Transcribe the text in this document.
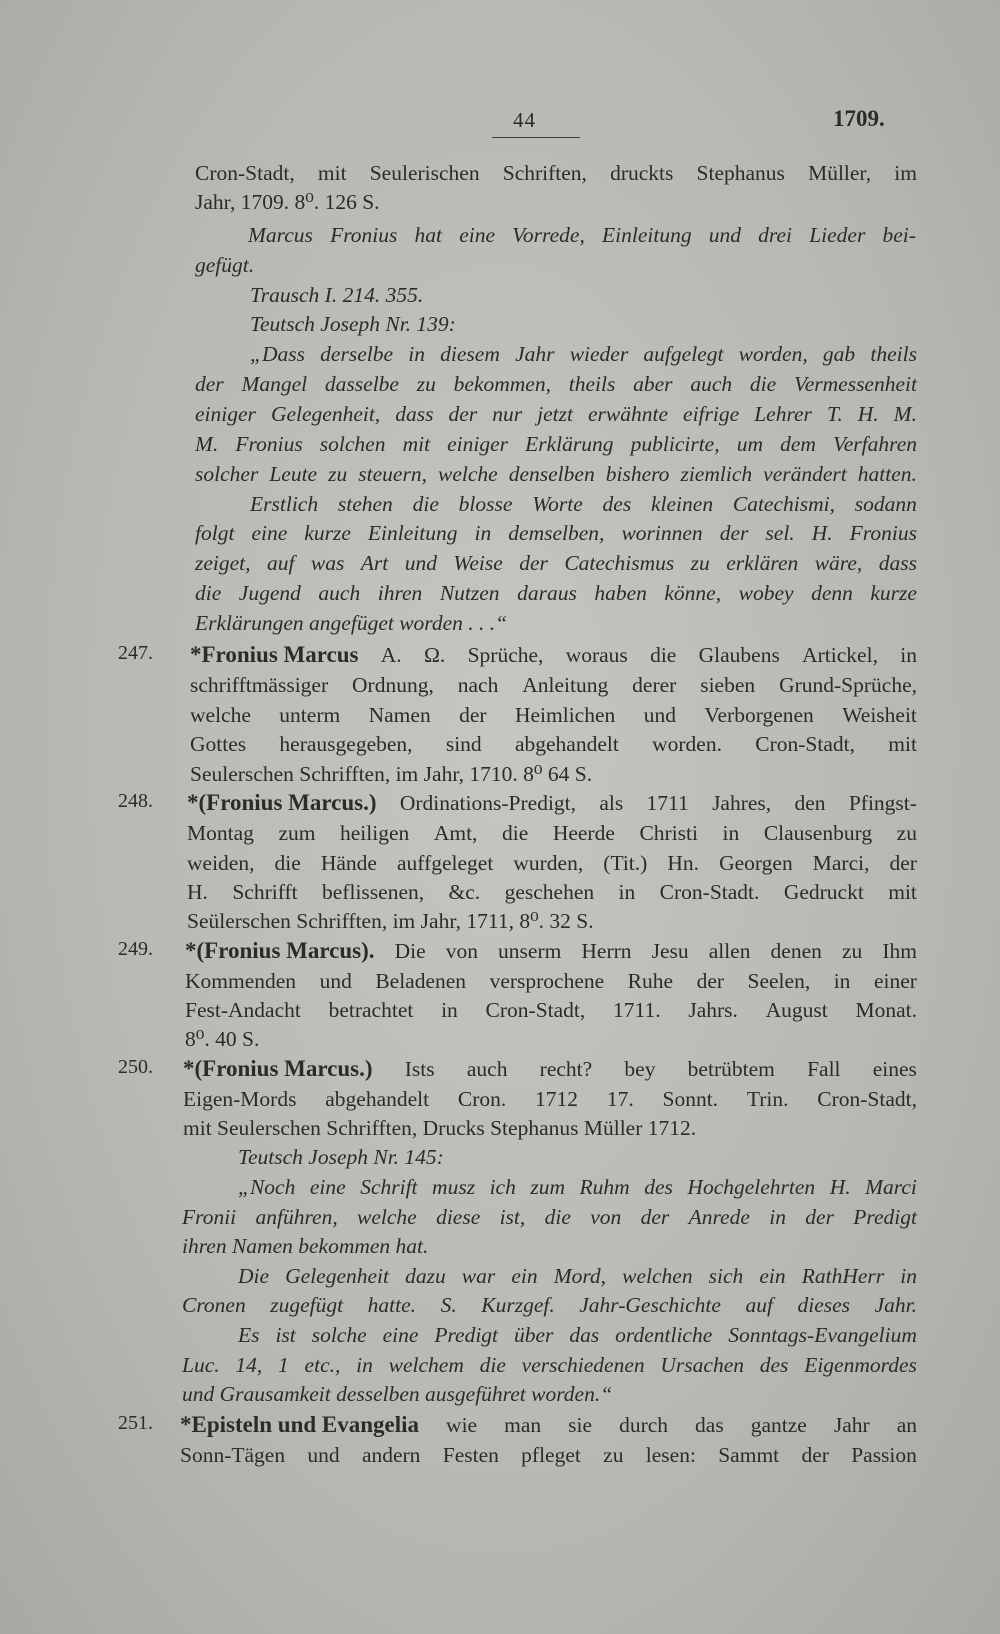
44	1709.
Cron-Stadt, mit Seulerischen Schriften, druckts Stephanus Müller, im
Jahr, 1709. 8⁰. 126 S.
Marcus Fronius hat eine Vorrede, Einleitung und drei Lieder bei-
gefügt.
Trausch I. 214. 355.
Teutsch Joseph Nr. 139:
„Dass derselbe in diesem Jahr wieder aufgelegt worden, gab theils
der Mangel dasselbe zu bekommen, theils aber auch die Vermessenheit
einiger Gelegenheit, dass der nur jetzt erwähnte eifrige Lehrer T. H. M.
M. Fronius solchen mit einiger Erklärung publicirte, um dem Verfahren
solcher Leute zu steuern, welche denselben bishero ziemlich verändert hatten.
Erstlich stehen die blosse Worte des kleinen Catechismi, sodann
folgt eine kurze Einleitung in demselben, worinnen der sel. H. Fronius
zeiget, auf was Art und Weise der Catechismus zu erklären wäre, dass
die Jugend auch ihren Nutzen daraus haben könne, wobey denn kurze
Erklärungen angefüget worden . . .“
247. *Fronius Marcus A. Ω. Sprüche, woraus die Glaubens Artickel, in
schrifftmässiger Ordnung, nach Anleitung derer sieben Grund-Sprüche,
welche unterm Namen der Heimlichen und Verborgenen Weisheit
Gottes herausgegeben, sind abgehandelt worden. Cron-Stadt, mit
Seulerschen Schrifften, im Jahr, 1710. 8⁰ 64 S.
248. *(Fronius Marcus.) Ordinations-Predigt, als 1711 Jahres, den Pfingst-
Montag zum heiligen Amt, die Heerde Christi in Clausenburg zu
weiden, die Hände auffgeleget wurden, (Tit.) Hn. Georgen Marci, der
H. Schrifft beflissenen, &c. geschehen in Cron-Stadt. Gedruckt mit
Seülerschen Schrifften, im Jahr, 1711, 8⁰. 32 S.
249. *(Fronius Marcus). Die von unserm Herrn Jesu allen denen zu Ihm
Kommenden und Beladenen versprochene Ruhe der Seelen, in einer
Fest-Andacht betrachtet in Cron-Stadt, 1711. Jahrs. August Monat.
8⁰. 40 S.
250. *(Fronius Marcus.) Ists auch recht? bey betrübtem Fall eines
Eigen-Mords abgehandelt Cron. 1712 17. Sonnt. Trin. Cron-Stadt,
mit Seulerschen Schrifften, Drucks Stephanus Müller 1712.
Teutsch Joseph Nr. 145:
„Noch eine Schrift musz ich zum Ruhm des Hochgelehrten H. Marci
Fronii anführen, welche diese ist, die von der Anrede in der Predigt
ihren Namen bekommen hat.
Die Gelegenheit dazu war ein Mord, welchen sich ein RathHerr in
Cronen zugefügt hatte. S. Kurzgef. Jahr-Geschichte auf dieses Jahr.
Es ist solche eine Predigt über das ordentliche Sonntags-Evangelium
Luc. 14, 1 etc., in welchem die verschiedenen Ursachen des Eigenmordes
und Grausamkeit desselben ausgeführet worden.“
251. *Episteln und Evangelia wie man sie durch das gantze Jahr an
Sonn-Tägen und andern Festen pfleget zu lesen: Sammt der Passion
